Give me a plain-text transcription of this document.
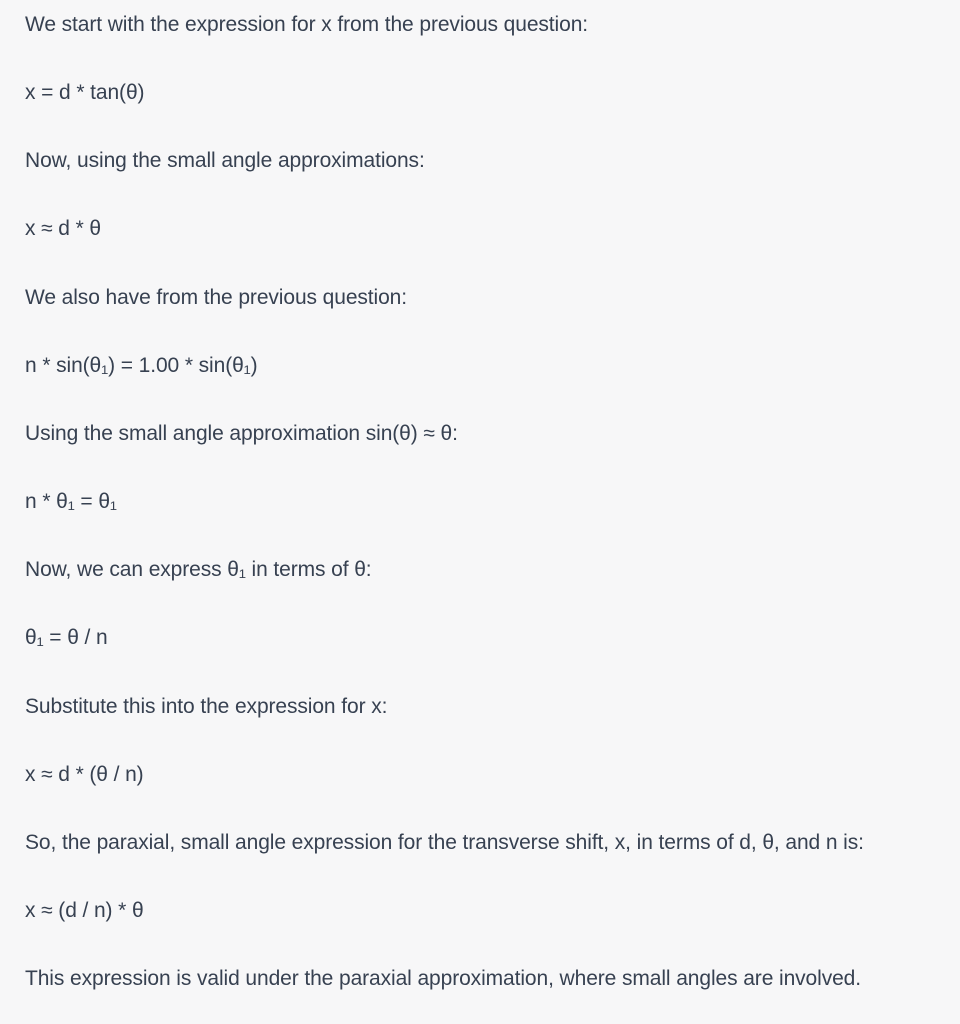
We start with the expression for x from the previous question:

x = d * tan(θ)

Now, using the small angle approximations:

x ≈ d * θ

We also have from the previous question:

n * sin(θ₁) = 1.00 * sin(θ₁)

Using the small angle approximation sin(θ) ≈ θ:

n * θ₁ = θ₁

Now, we can express θ₁ in terms of θ:

θ₁ = θ / n

Substitute this into the expression for x:

x ≈ d * (θ / n)

So, the paraxial, small angle expression for the transverse shift, x, in terms of d, θ, and n is:

x ≈ (d / n) * θ

This expression is valid under the paraxial approximation, where small angles are involved.
